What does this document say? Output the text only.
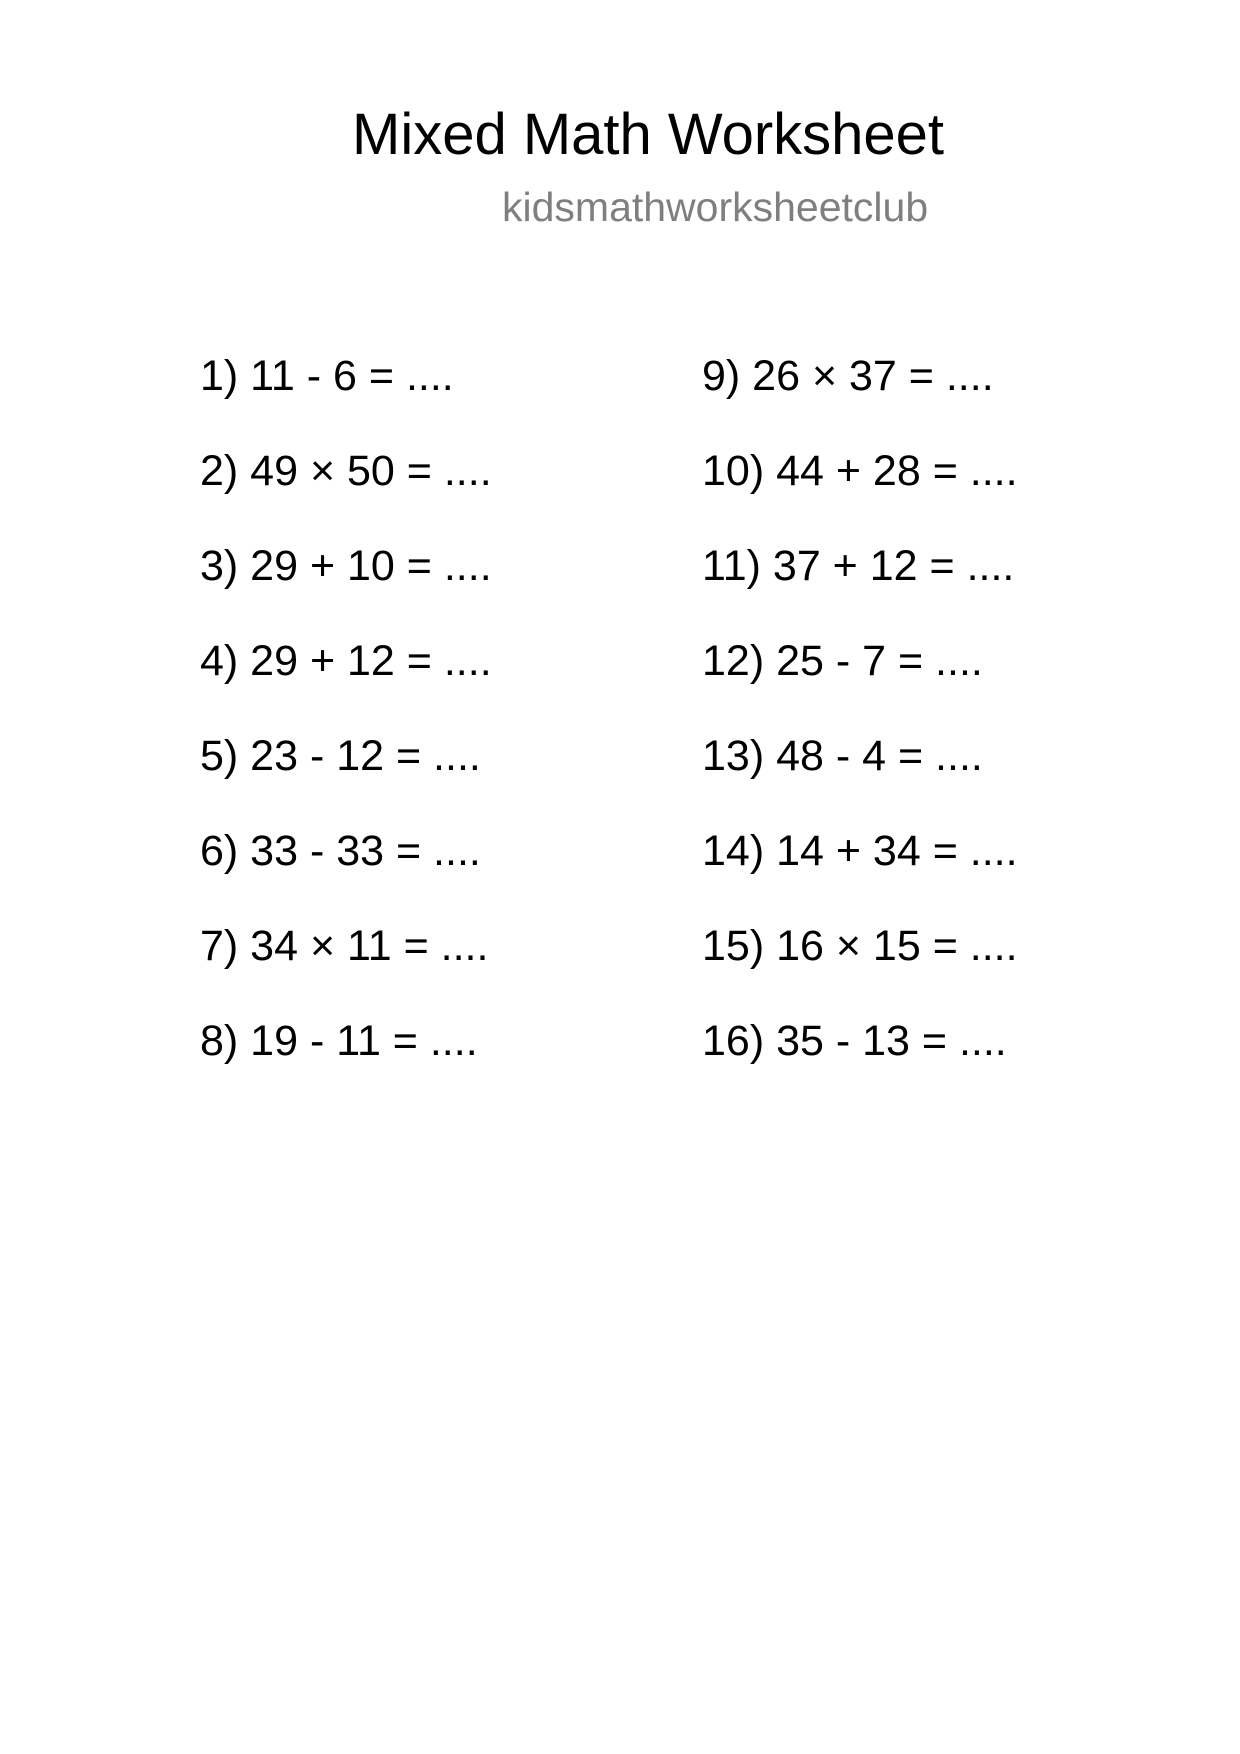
Mixed Math Worksheet
kidsmathworksheetclub
1) 11 - 6 = ....
2) 49 × 50 = ....
3) 29 + 10 = ....
4) 29 + 12 = ....
5) 23 - 12 = ....
6) 33 - 33 = ....
7) 34 × 11 = ....
8) 19 - 11 = ....
9) 26 × 37 = ....
10) 44 + 28 = ....
11) 37 + 12 = ....
12) 25 - 7 = ....
13) 48 - 4 = ....
14) 14 + 34 = ....
15) 16 × 15 = ....
16) 35 - 13 = ....
